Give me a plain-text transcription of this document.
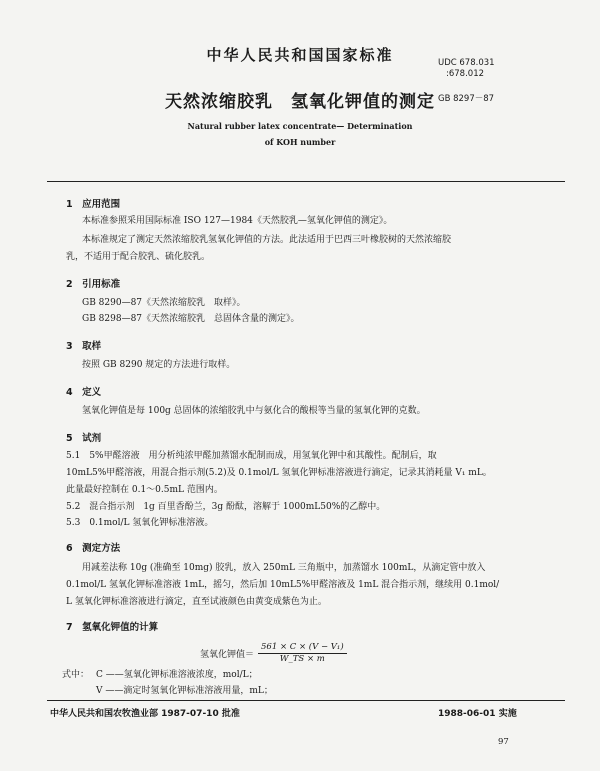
中华人民共和国国家标准	UDC 678.031
:678.012
天然浓缩胶乳　氢氧化钾值的测定 GB 8297－87
Natural rubber latex concentrate— Determination
of KOH number
1　应用范围
本标准参照采用国际标准 ISO 127—1984《天然胶乳—氢氧化钾值的测定》。
本标准规定了测定天然浓缩胶乳氢氧化钾值的方法。此法适用于巴西三叶橡胶树的天然浓缩胶
乳，不适用于配合胶乳、硫化胶乳。
2　引用标准
GB 8290—87《天然浓缩胶乳　取样》。
GB 8298—87《天然浓缩胶乳　总固体含量的测定》。
3　取样
按照 GB 8290 规定的方法进行取样。
4　定义
氢氧化钾值是每 100g 总固体的浓缩胶乳中与氨化合的酸根等当量的氢氧化钾的克数。
5　试剂
5.1　5%甲醛溶液　用分析纯浓甲醛加蒸馏水配制而成，用氢氧化钾中和其酸性。配制后，取
10mL5%甲醛溶液，用混合指示剂(5.2)及 0.1mol/L 氢氧化钾标准溶液进行滴定，记录其消耗量 V₁ mL。
此量最好控制在 0.1～0.5mL 范围内。
5.2　混合指示剂　1g 百里香酚兰，3g 酚酞，溶解于 1000mL50%的乙醇中。
5.3　0.1mol/L 氢氧化钾标准溶液。
6　测定方法
用减差法称 10g (准确至 10mg) 胶乳，放入 250mL 三角瓶中，加蒸馏水 100mL，从滴定管中放入
0.1mol/L 氢氧化钾标准溶液 1mL，摇匀，然后加 10mL5%甲醛溶液及 1mL 混合指示剂，继续用 0.1mol/
L 氢氧化钾标准溶液进行滴定，直至试液颜色由黄变成紫色为止。
7　氢氧化钾值的计算
氢氧化钾值＝ $\frac{\text{561 × C × (V − V₁)}}{W\_TS \times m}$
式中： C ——氢氧化钾标准溶液浓度，mol/L；
V ——滴定时氢氧化钾标准溶液用量，mL；
中华人民共和国农牧渔业部 1987-07-10 批准	1988-06-01 实施
97
